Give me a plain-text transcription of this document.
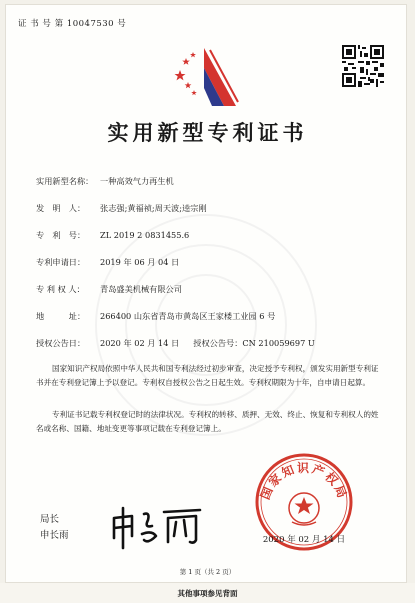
证 书 号 第 10047530 号
实用新型专利证书
实用新型名称： 一种高效气力再生机
发　明　人： 张志强;黄福祯;周天波;逵宗刚
专　利　号： ZL 2019 2 0831455.6
专利申请日： 2019 年 06 月 04 日
专 利 权 人： 青岛盛美机械有限公司
地　　　址： 266400 山东省青岛市黄岛区王家楼工业园 6 号
授权公告日： 2020 年 02 月 14 日 授权公告号：CN 210059697 U
国家知识产权局依照中华人民共和国专利法经过初步审查，决定授予专利权，颁发实用新型专利证书并在专利登记簿上予以登记。专利权自授权公告之日起生效。专利权期限为十年，自申请日起算。
专利证书记载专利权登记时的法律状况。专利权的转移、质押、无效、终止、恢复和专利权人的姓名或名称、国籍、地址变更等事项记载在专利登记簿上。
局长
申长雨
国家知识产权局
2020 年 02 月 14 日
第 1 页（共 2 页）
其他事项参见背面
